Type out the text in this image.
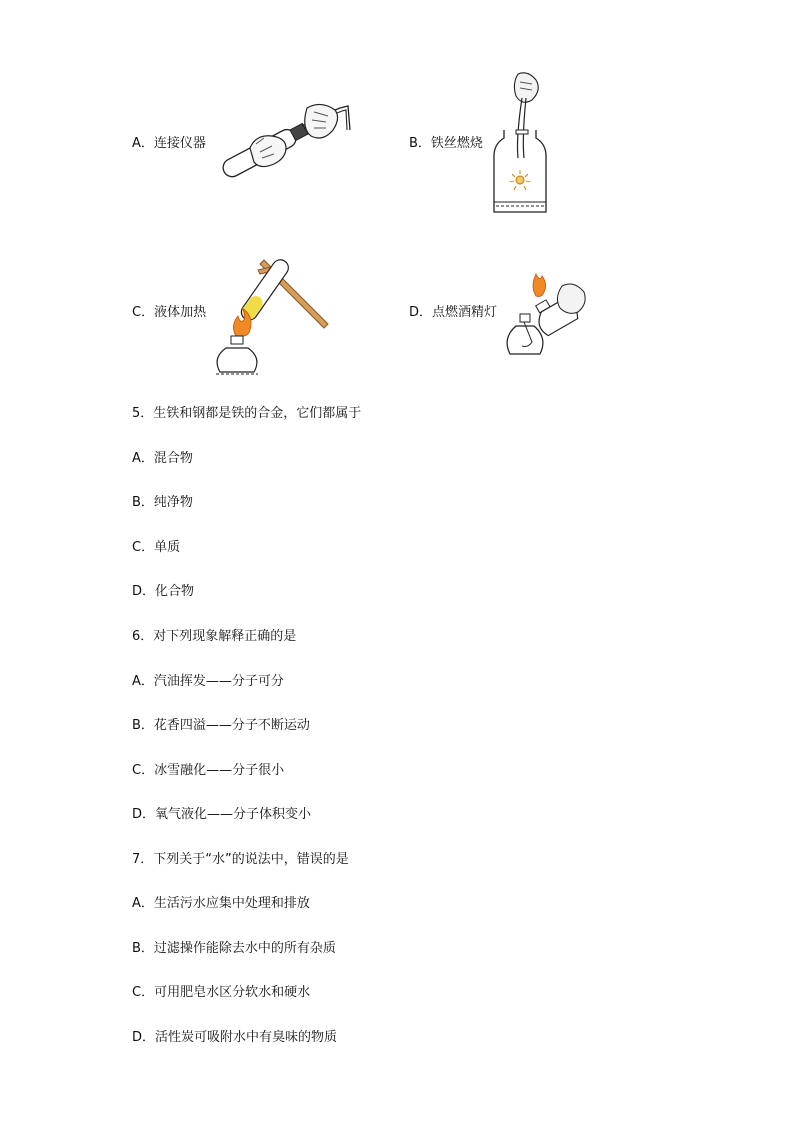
A．连接仪器	B．铁丝燃烧
C．液体加热	D．点燃酒精灯
5．生铁和钢都是铁的合金，它们都属于
A．混合物
B．纯净物
C．单质
D．化合物
6．对下列现象解释正确的是
A．汽油挥发——分子可分
B．花香四溢——分子不断运动
C．冰雪融化——分子很小
D．氧气液化——分子体积变小
7．下列关于“水”的说法中，错误的是
A．生活污水应集中处理和排放
B．过滤操作能除去水中的所有杂质
C．可用肥皂水区分软水和硬水
D．活性炭可吸附水中有臭味的物质
